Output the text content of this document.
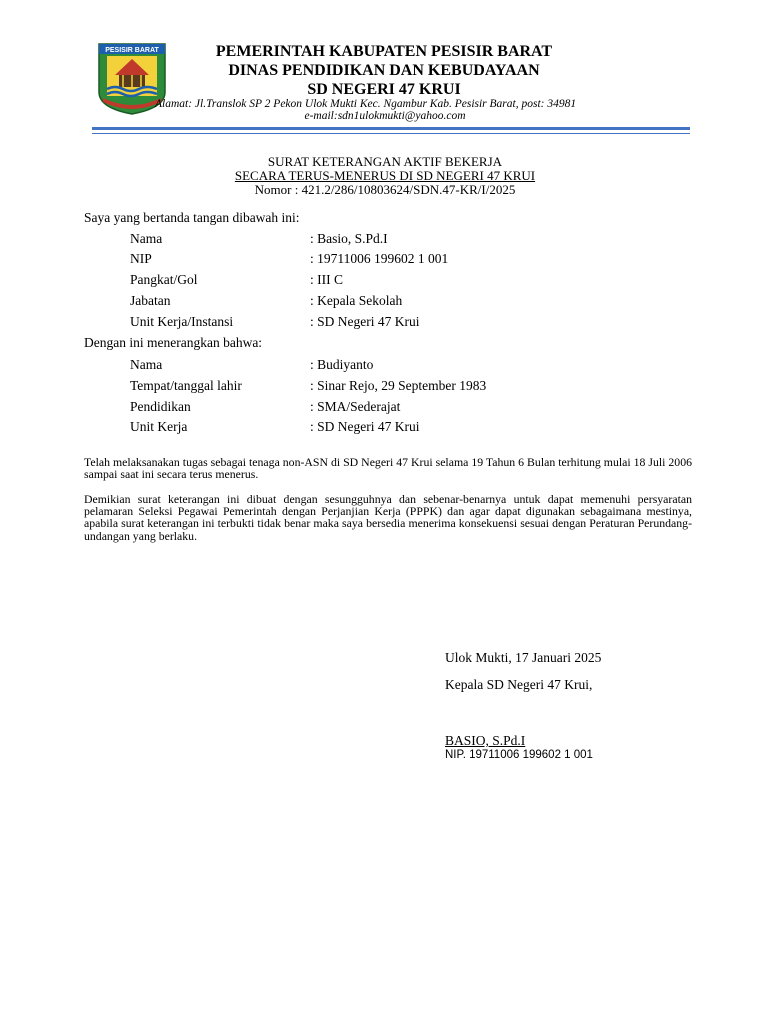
PESISIR BARAT	PEMERINTAH KABUPATEN PESISIR BARAT
DINAS PENDIDIKAN DAN KEBUDAYAAN
SD NEGERI 47 KRUI
Alamat: Jl.Translok SP 2 Pekon Ulok Mukti Kec. Ngambur Kab. Pesisir Barat, post: 34981
e-mail:sdn1ulokmukti@yahoo.com
SURAT KETERANGAN AKTIF BEKERJA
SECARA TERUS-MENERUS DI SD NEGERI 47 KRUI
Nomor : 421.2/286/10803624/SDN.47-KR/I/2025
Saya yang bertanda tangan dibawah ini:
Nama	: Basio, S.Pd.I
NIP	: 19711006 199602 1 001
Pangkat/Gol	: III C
Jabatan	: Kepala Sekolah
Unit Kerja/Instansi	: SD Negeri 47 Krui
Dengan ini menerangkan bahwa:
Nama	: Budiyanto
Tempat/tanggal lahir	: Sinar Rejo, 29 September 1983
Pendidikan	: SMA/Sederajat
Unit Kerja	: SD Negeri 47 Krui
Telah melaksanakan tugas sebagai tenaga non-ASN di SD Negeri 47 Krui selama 19 Tahun 6 Bulan terhitung mulai 18 Juli 2006 sampai saat ini secara terus menerus.
Demikian surat keterangan ini dibuat dengan sesungguhnya dan sebenar-benarnya untuk dapat memenuhi persyaratan pelamaran Seleksi Pegawai Pemerintah dengan Perjanjian Kerja (PPPK) dan agar dapat digunakan sebagaimana mestinya, apabila surat keterangan ini terbukti tidak benar maka saya bersedia menerima konsekuensi sesuai dengan Peraturan Perundang-undangan yang berlaku.
Ulok Mukti, 17 Januari 2025
Kepala SD Negeri 47 Krui,
BASIO, S.Pd.I
NIP. 19711006 199602 1 001
